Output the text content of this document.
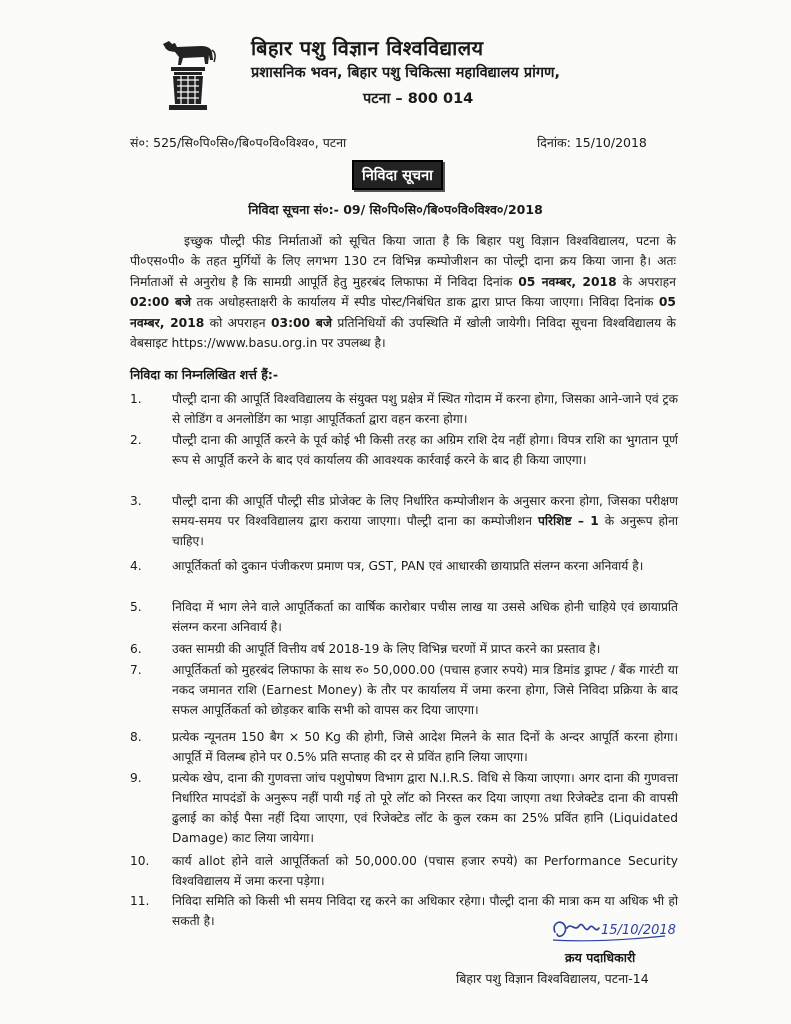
बिहार पशु विज्ञान विश्वविद्यालय
प्रशासनिक भवन, बिहार पशु चिकित्सा महाविद्यालय प्रांगण,
पटना – 800 014
सं०: 525/सि०पि०सि०/बि०प०वि०विश्व०, पटना	दिनांक: 15/10/2018
निविदा सूचना
निविदा सूचना सं०:- 09/ सि०पि०सि०/बि०प०वि०विश्व०/2018
इच्छुक पौल्ट्री फीड निर्माताओं को सूचित किया जाता है कि बिहार पशु विज्ञान विश्वविद्यालय, पटना के पी०एस०पी० के तहत मुर्गियों के लिए लगभग 130 टन विभिन्न कम्पोजीशन का पोल्ट्री दाना क्रय किया जाना है। अतः निर्माताओं से अनुरोध है कि सामग्री आपूर्ति हेतु मुहरबंद लिफाफा में निविदा दिनांक 05 नवम्बर, 2018 के अपराहन 02:00 बजे तक अधोहस्ताक्षरी के कार्यालय में स्पीड पोस्ट/निबंधित डाक द्वारा प्राप्त किया जाएगा। निविदा दिनांक 05 नवम्बर, 2018 को अपराहन 03:00 बजे प्रतिनिधियों की उपस्थिति में खोली जायेगी। निविदा सूचना विश्वविद्यालय के वेबसाइट https://www.basu.org.in पर उपलब्ध है।
निविदा का निम्नलिखित शर्त्त हैं:-
1.	पौल्ट्री दाना की आपूर्ति विश्वविद्यालय के संयुक्त पशु प्रक्षेत्र में स्थित गोदाम में करना होगा, जिसका आने-जाने एवं ट्रक से लोडिंग व अनलोडिंग का भाड़ा आपूर्तिकर्ता द्वारा वहन करना होगा।
2.	पौल्ट्री दाना की आपूर्ति करने के पूर्व कोई भी किसी तरह का अग्रिम राशि देय नहीं होगा। विपत्र राशि का भुगतान पूर्ण रूप से आपूर्ति करने के बाद एवं कार्यालय की आवश्यक कार्रवाई करने के बाद ही किया जाएगा।
3.	पौल्ट्री दाना की आपूर्ति पौल्ट्री सीड प्रोजेक्ट के लिए निर्धारित कम्पोजीशन के अनुसार करना होगा, जिसका परीक्षण समय-समय पर विश्वविद्यालय द्वारा कराया जाएगा। पौल्ट्री दाना का कम्पोजीशन परिशिष्ट – 1 के अनुरूप होना चाहिए।
4.	आपूर्तिकर्ता को दुकान पंजीकरण प्रमाण पत्र, GST, PAN एवं आधारकी छायाप्रति संलग्न करना अनिवार्य है।
5.	निविदा में भाग लेने वाले आपूर्तिकर्ता का वार्षिक कारोबार पचीस लाख या उससे अधिक होनी चाहिये एवं छायाप्रति संलग्न करना अनिवार्य है।
6.	उक्त सामग्री की आपूर्ति वित्तीय वर्ष 2018-19 के लिए विभिन्न चरणों में प्राप्त करने का प्रस्ताव है।
7.	आपूर्तिकर्ता को मुहरबंद लिफाफा के साथ रु० 50,000.00 (पचास हजार रुपये) मात्र डिमांड ड्राफ्ट / बैंक गारंटी या नकद जमानत राशि (Earnest Money) के तौर पर कार्यालय में जमा करना होगा, जिसे निविदा प्रक्रिया के बाद सफल आपूर्तिकर्ता को छोड़कर बाकि सभी को वापस कर दिया जाएगा।
8.	प्रत्येक न्यूनतम 150 बैग × 50 Kg की होगी, जिसे आदेश मिलने के सात दिनों के अन्दर आपूर्ति करना होगा। आपूर्ति में विलम्ब होने पर 0.5% प्रति सप्ताह की दर से प्रविंत हानि लिया जाएगा।
9.	प्रत्येक खेप, दाना की गुणवत्ता जांच पशुपोषण विभाग द्वारा N.I.R.S. विधि से किया जाएगा। अगर दाना की गुणवत्ता निर्धारित मापदंडों के अनुरूप नहीं पायी गई तो पूरे लॉट को निरस्त कर दिया जाएगा तथा रिजेक्टेड दाना की वापसी ढुलाई का कोई पैसा नहीं दिया जाएगा, एवं रिजेक्टेड लॉट के कुल रकम का 25% प्रविंत हानि (Liquidated Damage) काट लिया जायेगा।
10.	कार्य allot होने वाले आपूर्तिकर्ता को 50,000.00 (पचास हजार रुपये) का Performance Security विश्वविद्यालय में जमा करना पड़ेगा।
11.	निविदा समिति को किसी भी समय निविदा रद्द करने का अधिकार रहेगा। पौल्ट्री दाना की मात्रा कम या अधिक भी हो सकती है।
15/10/2018
क्रय पदाधिकारी
बिहार पशु विज्ञान विश्वविद्यालय, पटना-14
